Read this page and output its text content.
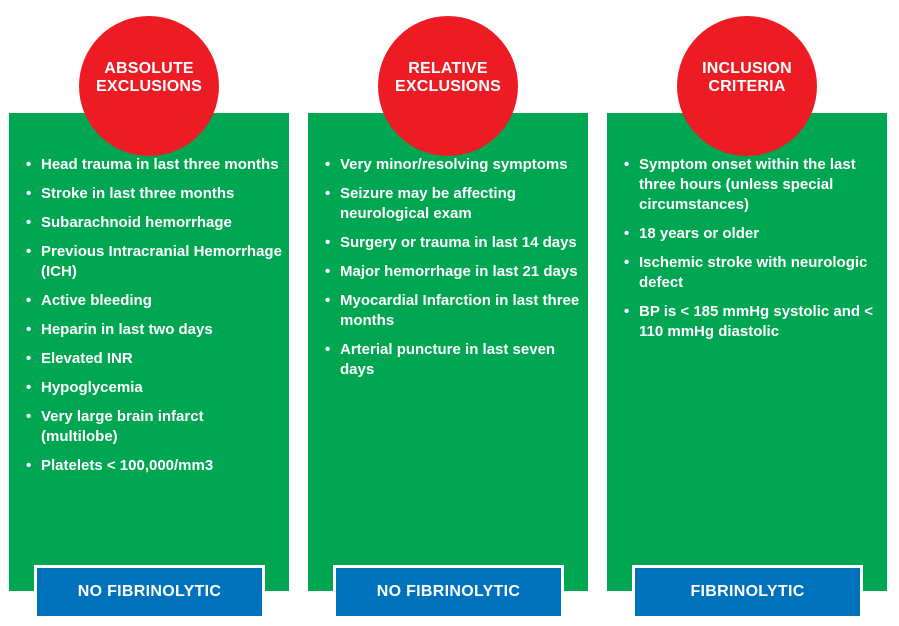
ABSOLUTE
EXCLUSIONS
• Head trauma in last three months
• Stroke in last three months
• Subarachnoid hemorrhage
• Previous Intracranial Hemorrhage (ICH)
• Active bleeding
• Heparin in last two days
• Elevated INR
• Hypoglycemia
• Very large brain infarct (multilobe)
• Platelets < 100,000/mm3
NO FIBRINOLYTIC
RELATIVE
EXCLUSIONS
• Very minor/resolving symptoms
• Seizure may be affecting neurological exam
• Surgery or trauma in last 14 days
• Major hemorrhage in last 21 days
• Myocardial Infarction in last three months
• Arterial puncture in last seven days
NO FIBRINOLYTIC
INCLUSION
CRITERIA
• Symptom onset within the last three hours (unless special circumstances)
• 18 years or older
• Ischemic stroke with neurologic defect
• BP is < 185 mmHg systolic and < 110 mmHg diastolic
FIBRINOLYTIC
